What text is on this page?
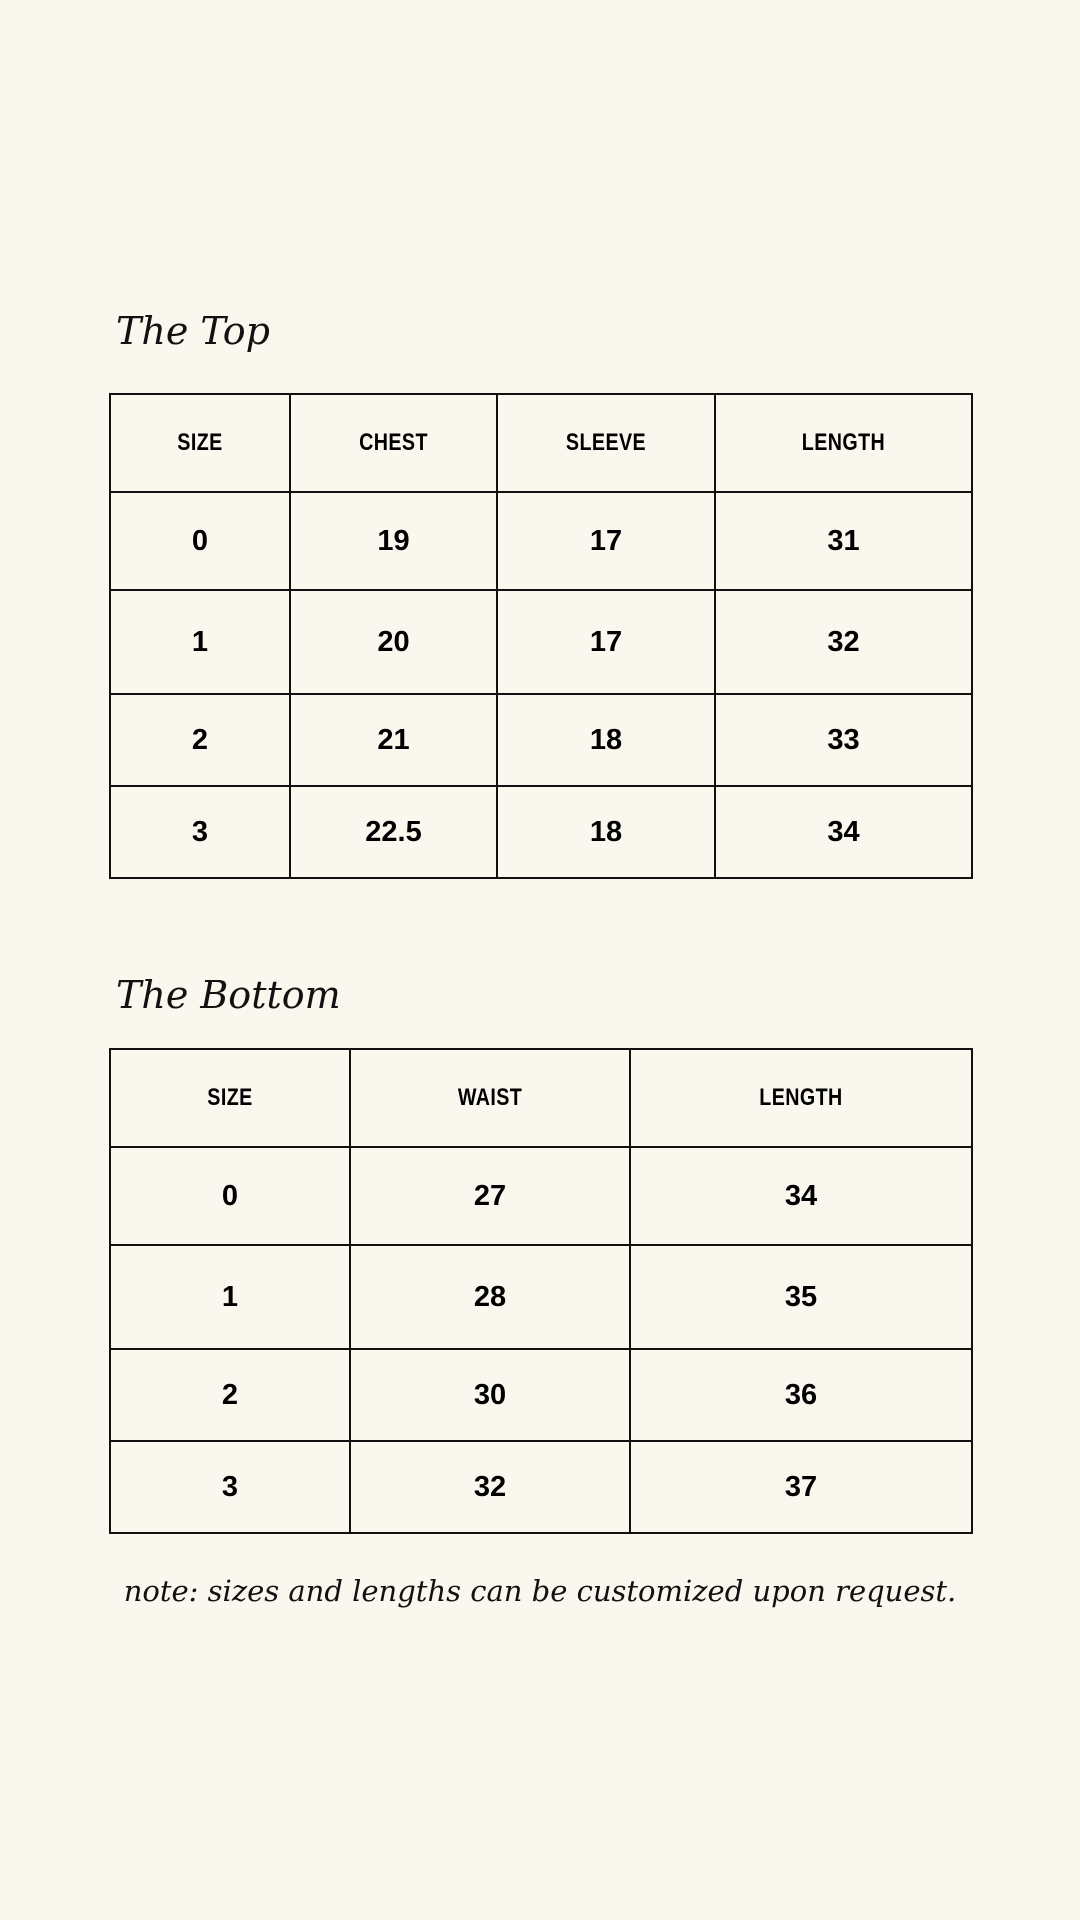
The Top
SIZE	CHEST	SLEEVE	LENGTH
0	19	17	31
1	20	17	32
2	21	18	33
3	22.5	18	34
The Bottom
SIZE	WAIST	LENGTH
0	27	34
1	28	35
2	30	36
3	32	37

note: sizes and lengths can be customized upon request.
